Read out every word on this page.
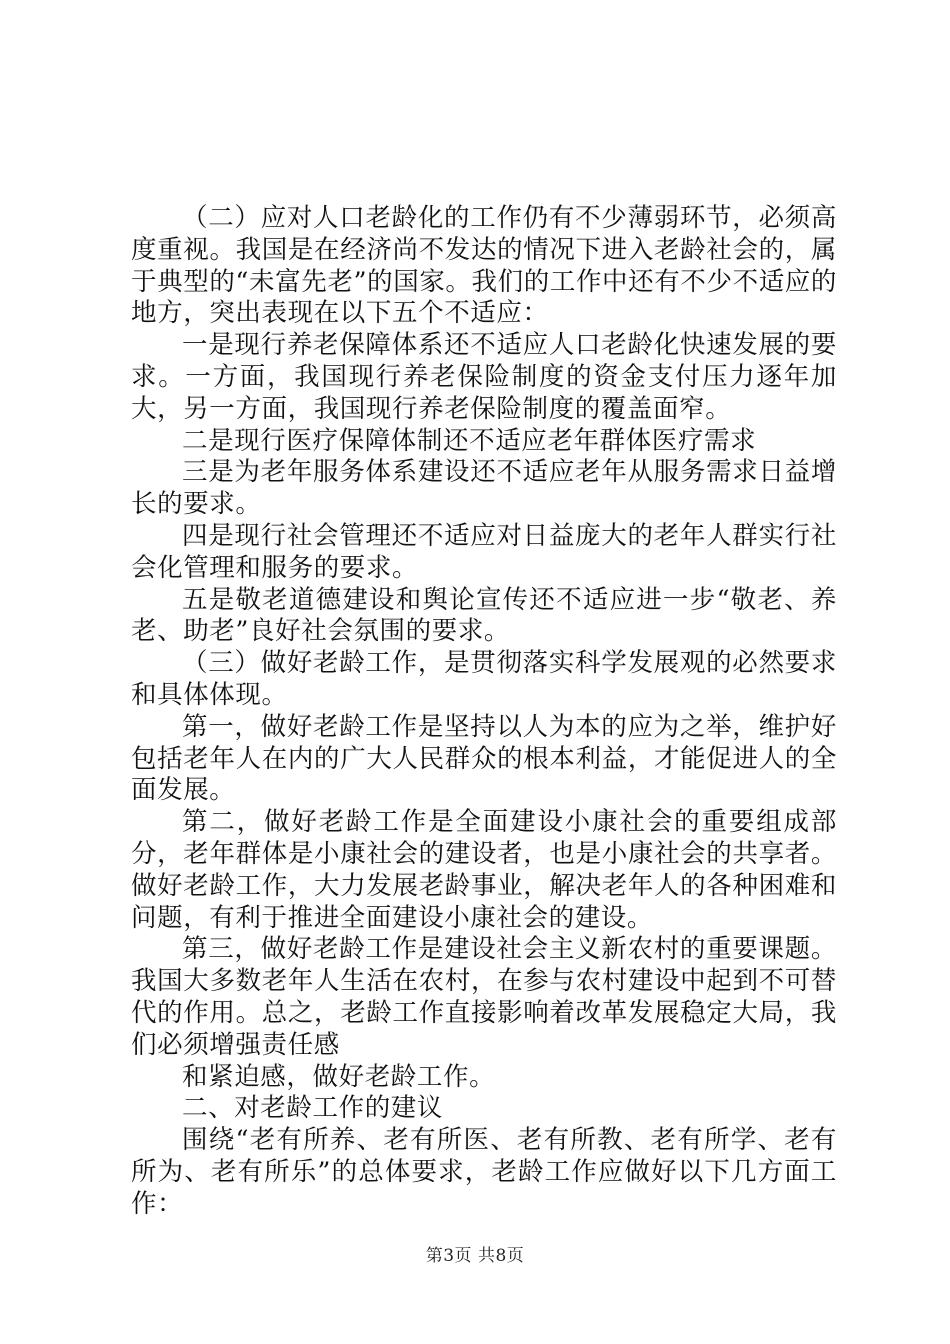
（二）应对人口老龄化的工作仍有不少薄弱环节，必须高度重视。我国是在经济尚不发达的情况下进入老龄社会的，属于典型的“未富先老”的国家。我们的工作中还有不少不适应的地方，突出表现在以下五个不适应：

一是现行养老保障体系还不适应人口老龄化快速发展的要求。一方面，我国现行养老保险制度的资金支付压力逐年加大，另一方面，我国现行养老保险制度的覆盖面窄。

二是现行医疗保障体制还不适应老年群体医疗需求

三是为老年服务体系建设还不适应老年从服务需求日益增长的要求。

四是现行社会管理还不适应对日益庞大的老年人群实行社会化管理和服务的要求。

五是敬老道德建设和舆论宣传还不适应进一步“敬老、养老、助老”良好社会氛围的要求。

（三）做好老龄工作，是贯彻落实科学发展观的必然要求和具体体现。

第一，做好老龄工作是坚持以人为本的应为之举，维护好包括老年人在内的广大人民群众的根本利益，才能促进人的全面发展。

第二，做好老龄工作是全面建设小康社会的重要组成部分，老年群体是小康社会的建设者，也是小康社会的共享者。做好老龄工作，大力发展老龄事业，解决老年人的各种困难和问题，有利于推进全面建设小康社会的建设。

第三，做好老龄工作是建设社会主义新农村的重要课题。我国大多数老年人生活在农村，在参与农村建设中起到不可替代的作用。总之，老龄工作直接影响着改革发展稳定大局，我们必须增强责任感

和紧迫感，做好老龄工作。

二、对老龄工作的建议

围绕“老有所养、老有所医、老有所教、老有所学、老有所为、老有所乐”的总体要求，老龄工作应做好以下几方面工作：

第3页 共8页
